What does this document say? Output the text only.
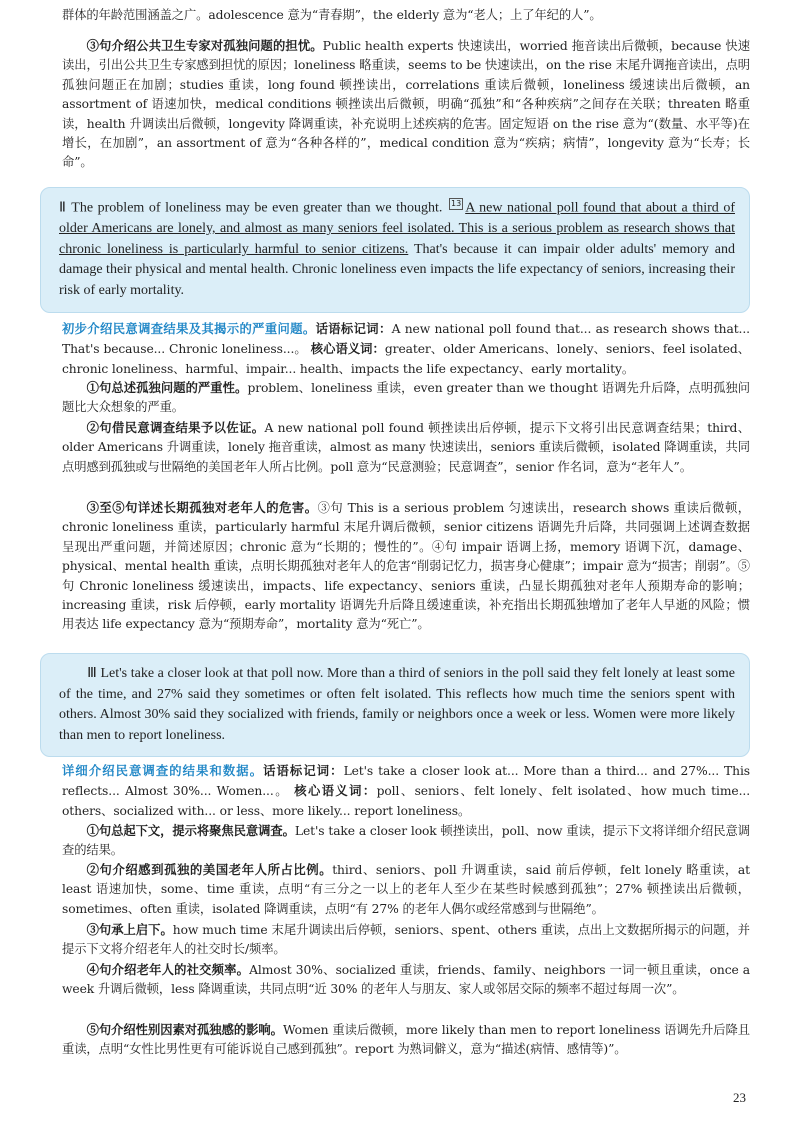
群体的年龄范围涵盖之广。adolescence 意为“青春期”，the elderly 意为“老人；上了年纪的人”。

③句介绍公共卫生专家对孤独问题的担忧。Public health experts 快速读出，worried 拖音读出后微顿，because 快速读出，引出公共卫生专家感到担忧的原因；loneliness 略重读，seems to be 快速读出，on the rise 末尾升调拖音读出，点明孤独问题正在加剧；studies 重读，long found 顿挫读出，correlations 重读后微顿，loneliness 缓速读出后微顿，an assortment of 语速加快，medical conditions 顿挫读出后微顿，明确“孤独”和“各种疾病”之间存在关联；threaten 略重读，health 升调读出后微顿，longevity 降调重读，补充说明上述疾病的危害。固定短语 on the rise 意为“(数量、水平等)在增长，在加剧”，an assortment of 意为“各种各样的”，medical condition 意为“疾病；病情”，longevity 意为“长寿；长命”。

Ⅱ The problem of loneliness may be even greater than we thought. 13 A new national poll found that about a third of older Americans are lonely, and almost as many seniors feel isolated. This is a serious problem as research shows that chronic loneliness is particularly harmful to senior citizens. That's because it can impair older adults' memory and damage their physical and mental health. Chronic loneliness even impacts the life expectancy of seniors, increasing their risk of early mortality.

初步介绍民意调查结果及其揭示的严重问题。话语标记词：A new national poll found that... as research shows that... That's because... Chronic loneliness...。 核心语义词：greater、older Americans、lonely、seniors、feel isolated、chronic loneliness、harmful、impair... health、impacts the life expectancy、early mortality。

①句总述孤独问题的严重性。problem、loneliness 重读，even greater than we thought 语调先升后降，点明孤独问题比大众想象的严重。

②句借民意调查结果予以佐证。A new national poll found 顿挫读出后停顿，提示下文将引出民意调查结果；third、older Americans 升调重读，lonely 拖音重读，almost as many 快速读出，seniors 重读后微顿，isolated 降调重读，共同点明感到孤独或与世隔绝的美国老年人所占比例。poll 意为“民意测验；民意调查”，senior 作名词，意为“老年人”。

③至⑤句详述长期孤独对老年人的危害。③句 This is a serious problem 匀速读出，research shows 重读后微顿，chronic loneliness 重读，particularly harmful 末尾升调后微顿，senior citizens 语调先升后降，共同强调上述调查数据呈现出严重问题，并简述原因；chronic 意为“长期的；慢性的”。④句 impair 语调上扬，memory 语调下沉，damage、physical、mental health 重读，点明长期孤独对老年人的危害“削弱记忆力，损害身心健康”；impair 意为“损害；削弱”。⑤句 Chronic loneliness 缓速读出，impacts、life expectancy、seniors 重读，凸显长期孤独对老年人预期寿命的影响；increasing 重读，risk 后停顿，early mortality 语调先升后降且缓速重读，补充指出长期孤独增加了老年人早逝的风险；惯用表达 life expectancy 意为“预期寿命”，mortality 意为“死亡”。

Ⅲ Let's take a closer look at that poll now. More than a third of seniors in the poll said they felt lonely at least some of the time, and 27% said they sometimes or often felt isolated. This reflects how much time the seniors spent with others. Almost 30% said they socialized with friends, family or neighbors once a week or less. Women were more likely than men to report loneliness.

详细介绍民意调查的结果和数据。话语标记词：Let's take a closer look at... More than a third... and 27%... This reflects... Almost 30%... Women...。 核心语义词：poll、seniors、felt lonely、felt isolated、how much time... others、socialized with... or less、more likely... report loneliness。

①句总起下文，提示将聚焦民意调查。Let's take a closer look 顿挫读出，poll、now 重读，提示下文将详细介绍民意调查的结果。

②句介绍感到孤独的美国老年人所占比例。third、seniors、poll 升调重读，said 前后停顿，felt lonely 略重读，at least 语速加快，some、time 重读，点明“有三分之一以上的老年人至少在某些时候感到孤独”；27% 顿挫读出后微顿，sometimes、often 重读，isolated 降调重读，点明“有 27% 的老年人偶尔或经常感到与世隔绝”。

③句承上启下。how much time 末尾升调读出后停顿，seniors、spent、others 重读，点出上文数据所揭示的问题，并提示下文将介绍老年人的社交时长/频率。

④句介绍老年人的社交频率。Almost 30%、socialized 重读，friends、family、neighbors 一词一顿且重读，once a week 升调后微顿，less 降调重读，共同点明“近 30% 的老年人与朋友、家人或邻居交际的频率不超过每周一次”。

⑤句介绍性别因素对孤独感的影响。Women 重读后微顿，more likely than men to report loneliness 语调先升后降且重读，点明“女性比男性更有可能诉说自己感到孤独”。report 为熟词僻义，意为“描述(病情、感情等)”。

23
